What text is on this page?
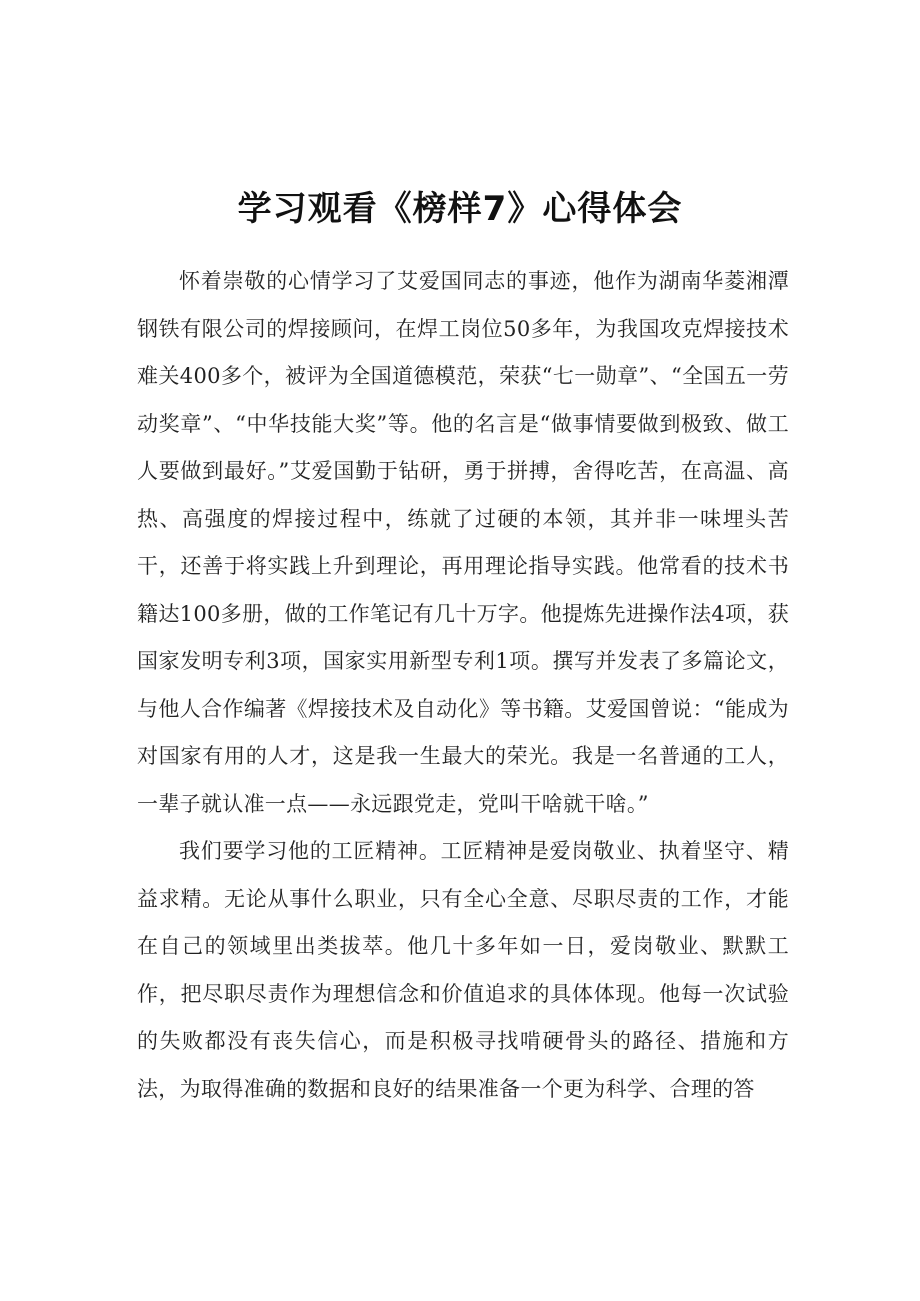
学习观看《榜样7》心得体会

怀着崇敬的心情学习了艾爱国同志的事迹，他作为湖南华菱湘潭钢铁有限公司的焊接顾问，在焊工岗位50多年，为我国攻克焊接技术难关400多个，被评为全国道德模范，荣获“七一勋章”、“全国五一劳动奖章”、“中华技能大奖”等。他的名言是“做事情要做到极致、做工人要做到最好。”艾爱国勤于钻研，勇于拼搏，舍得吃苦，在高温、高热、高强度的焊接过程中，练就了过硬的本领，其并非一味埋头苦干，还善于将实践上升到理论，再用理论指导实践。他常看的技术书籍达100多册，做的工作笔记有几十万字。他提炼先进操作法4项，获国家发明专利3项，国家实用新型专利1项。撰写并发表了多篇论文，与他人合作编著《焊接技术及自动化》等书籍。艾爱国曾说：“能成为对国家有用的人才，这是我一生最大的荣光。我是一名普通的工人，一辈子就认准一点——永远跟党走，党叫干啥就干啥。”

我们要学习他的工匠精神。工匠精神是爱岗敬业、执着坚守、精益求精。无论从事什么职业，只有全心全意、尽职尽责的工作，才能在自己的领域里出类拔萃。他几十多年如一日，爱岗敬业、默默工作，把尽职尽责作为理想信念和价值追求的具体体现。他每一次试验的失败都没有丧失信心，而是积极寻找啃硬骨头的路径、措施和方法，为取得准确的数据和良好的结果准备一个更为科学、合理的答
